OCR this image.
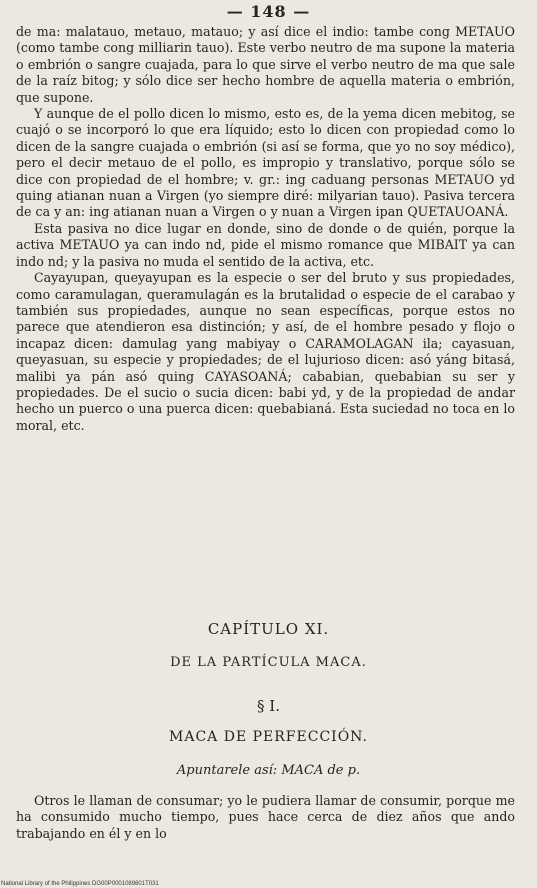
— 148 —

de ma: malatauo, metauo, matauo; y así dice el indio: tambe cong METAUO (como tambe cong milliarin tauo). Este verbo neutro de ma supone la materia o embrión o sangre cuajada, para lo que sirve el verbo neutro de ma que sale de la raíz bitog; y sólo dice ser hecho hombre de aquella materia o embrión, que supone.

Y aunque de el pollo dicen lo mismo, esto es, de la yema dicen mebitog, se cuajó o se incorporó lo que era líquido; esto lo dicen con propiedad como lo dicen de la sangre cuajada o embrión (si así se forma, que yo no soy médico), pero el decir metauo de el pollo, es impropio y translativo, porque sólo se dice con propiedad de el hombre; v. gr.: ing caduang personas METAUO yd quing atianan nuan a Virgen (yo siempre diré: milyarian tauo). Pasiva tercera de ca y an: ing atianan nuan a Virgen o y nuan a Virgen ipan QUETAUOANÁ.

Esta pasiva no dice lugar en donde, sino de donde o de quién, porque la activa METAUO ya can indo nd, pide el mismo romance que MIBAIT ya can indo nd; y la pasiva no muda el sentido de la activa, etc.

Cayayupan, queyayupan es la especie o ser del bruto y sus propiedades, como caramulagan, queramulagán es la brutalidad o especie de el carabao y también sus propiedades, aunque no sean específicas, porque estos no parece que atendieron esa distinción; y así, de el hombre pesado y flojo o incapaz dicen: damulag yang mabiyay o CARAMOLAGAN ila; cayasuan, queyasuan, su especie y propiedades; de el lujurioso dicen: asó yáng bitasá, malibi ya pán asó quing CAYASOANÁ; cababian, quebabian su ser y propiedades. De el sucio o sucia dicen: babi yd, y de la propiedad de andar hecho un puerco o una puerca dicen: quebabianá. Esta suciedad no toca en lo moral, etc.

CAPÍTULO XI.
DE LA PARTÍCULA MACA.
§ I.
MACA DE PERFECCIÓN.
Apuntarele así: MACA de p.

Otros le llaman de consumar; yo le pudiera llamar de consumir, porque me ha consumido mucho tiempo, pues hace cerca de diez años que ando trabajando en él y en lo

National Library of the Philippines DG00P0001089601T031
